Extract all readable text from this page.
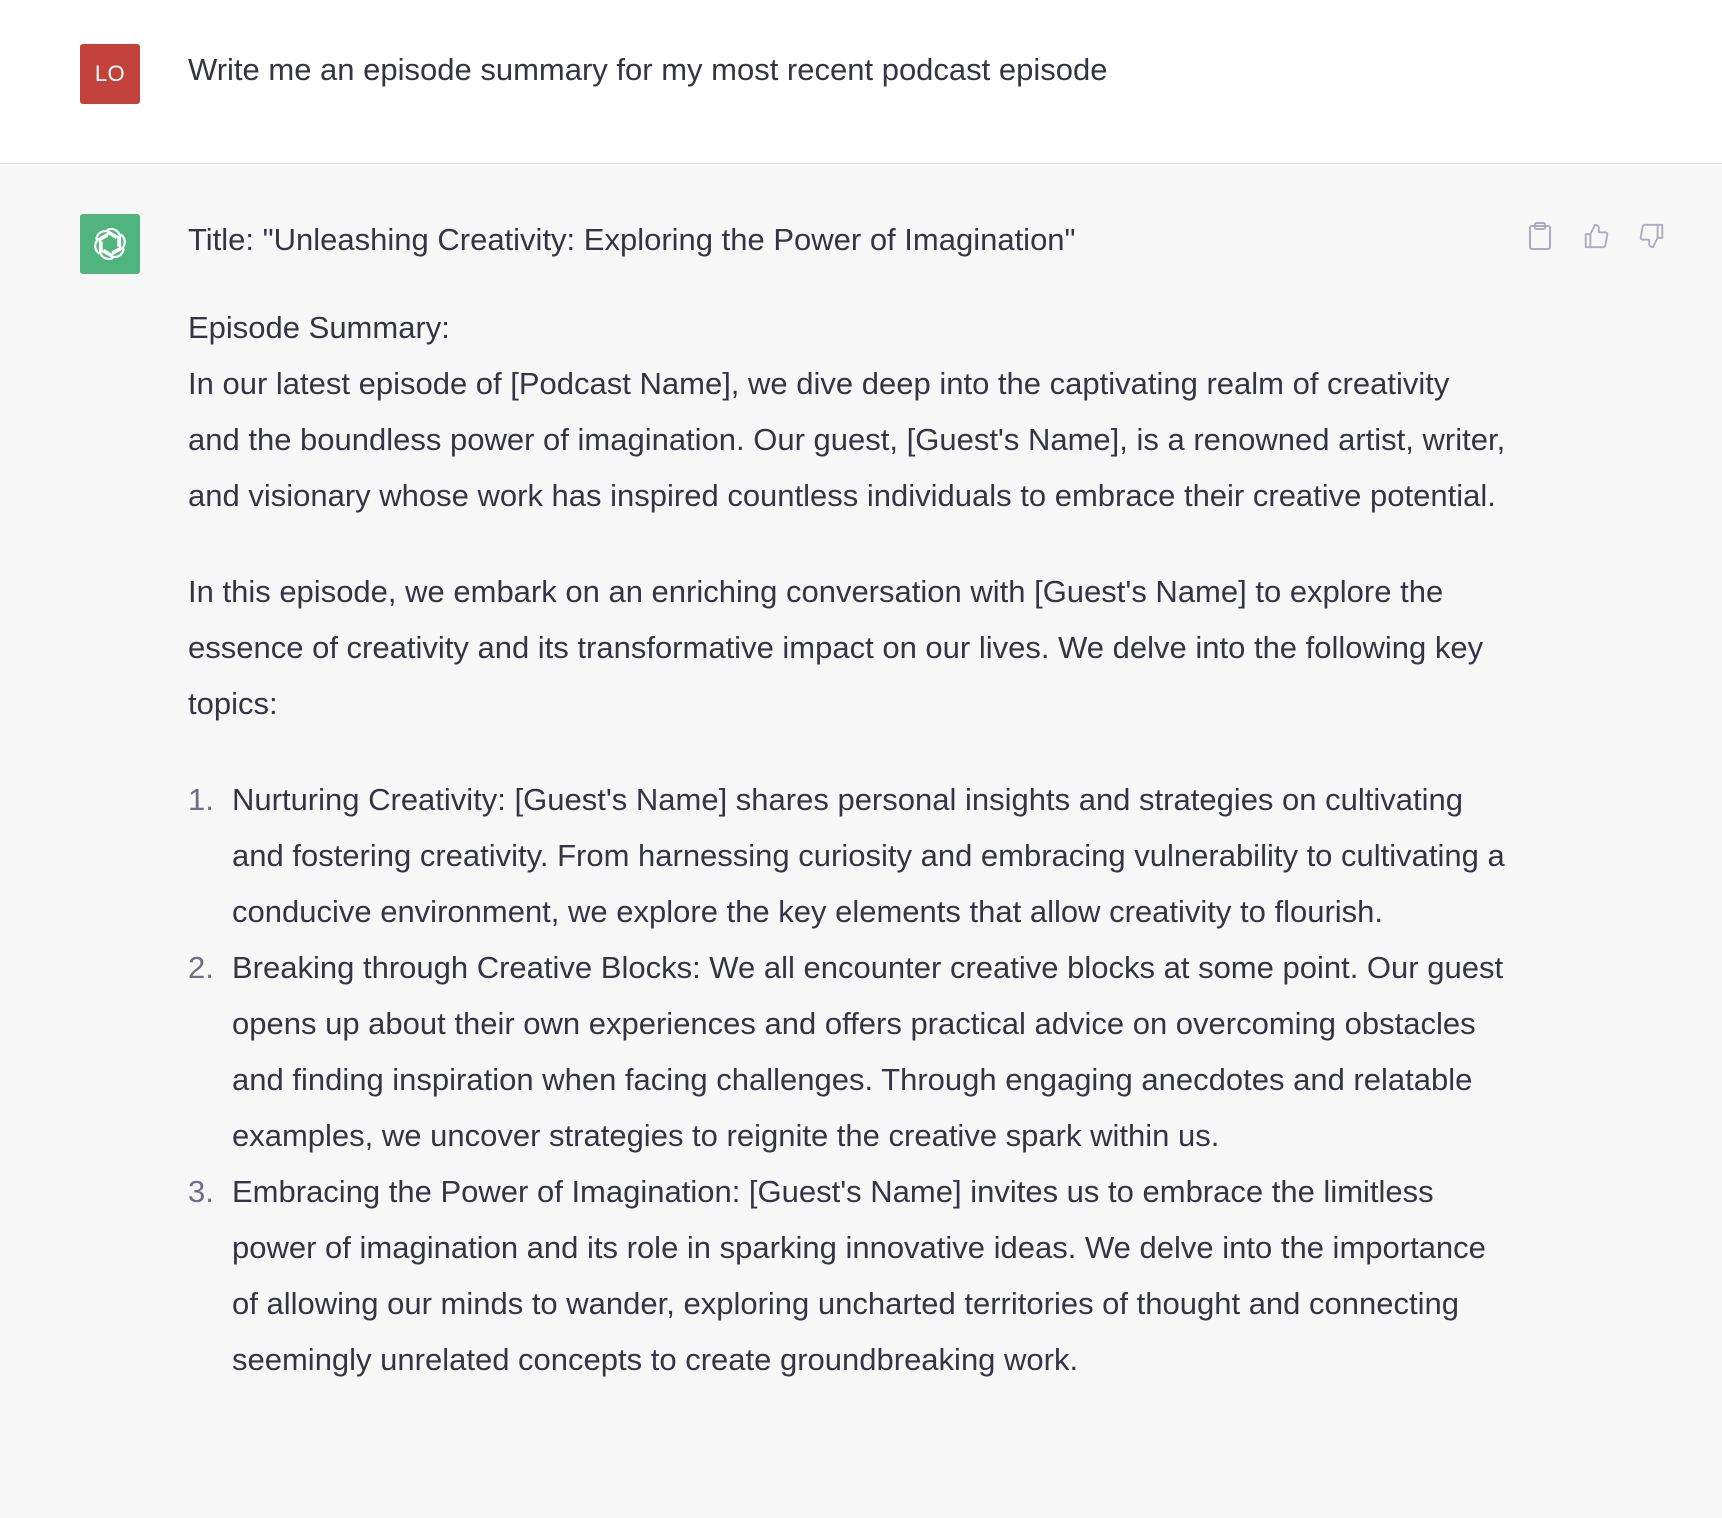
LO Write me an episode summary for my most recent podcast episode

Title: "Unleashing Creativity: Exploring the Power of Imagination"

Episode Summary:

In our latest episode of [Podcast Name], we dive deep into the captivating realm of creativity and the boundless power of imagination. Our guest, [Guest's Name], is a renowned artist, writer, and visionary whose work has inspired countless individuals to embrace their creative potential.

In this episode, we embark on an enriching conversation with [Guest's Name] to explore the essence of creativity and its transformative impact on our lives. We delve into the following key topics:

1. Nurturing Creativity: [Guest's Name] shares personal insights and strategies on cultivating and fostering creativity. From harnessing curiosity and embracing vulnerability to cultivating a conducive environment, we explore the key elements that allow creativity to flourish.
2. Breaking through Creative Blocks: We all encounter creative blocks at some point. Our guest opens up about their own experiences and offers practical advice on overcoming obstacles and finding inspiration when facing challenges. Through engaging anecdotes and relatable examples, we uncover strategies to reignite the creative spark within us.
3. Embracing the Power of Imagination: [Guest's Name] invites us to embrace the limitless power of imagination and its role in sparking innovative ideas. We delve into the importance of allowing our minds to wander, exploring uncharted territories of thought and connecting seemingly unrelated concepts to create groundbreaking work.
